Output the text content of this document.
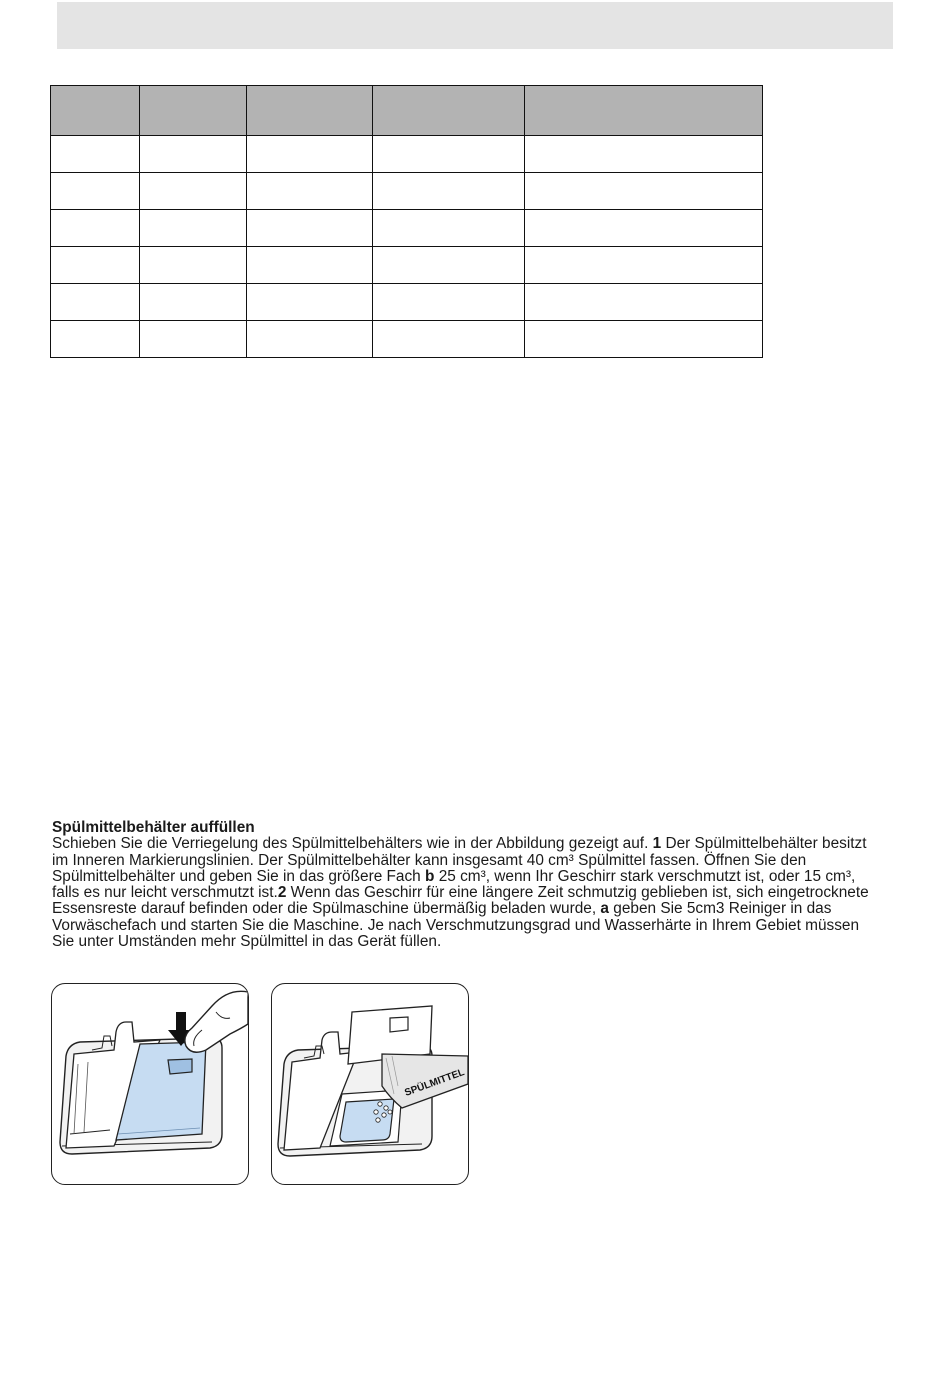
Spülmittelbehälter auffüllen

Schieben Sie die Verriegelung des Spülmittelbehälters wie in der Abbildung gezeigt auf. 1 Der Spülmittelbehälter besitzt im Inneren Markierungslinien. Der Spülmittelbehälter kann insgesamt 40 cm³ Spülmittel fassen. Öffnen Sie den Spülmittelbehälter und geben Sie in das größere Fach b 25 cm³, wenn Ihr Geschirr stark verschmutzt ist, oder 15 cm³, falls es nur leicht verschmutzt ist.2 Wenn das Geschirr für eine längere Zeit schmutzig geblieben ist, sich eingetrocknete Essensreste darauf befinden oder die Spülmaschine übermäßig beladen wurde, a geben Sie 5cm3 Reiniger in das Vorwäschefach und starten Sie die Maschine. Je nach Verschmutzungsgrad und Wasserhärte in Ihrem Gebiet müssen Sie unter Umständen mehr Spülmittel in das Gerät füllen.

SPÜLMITTEL
